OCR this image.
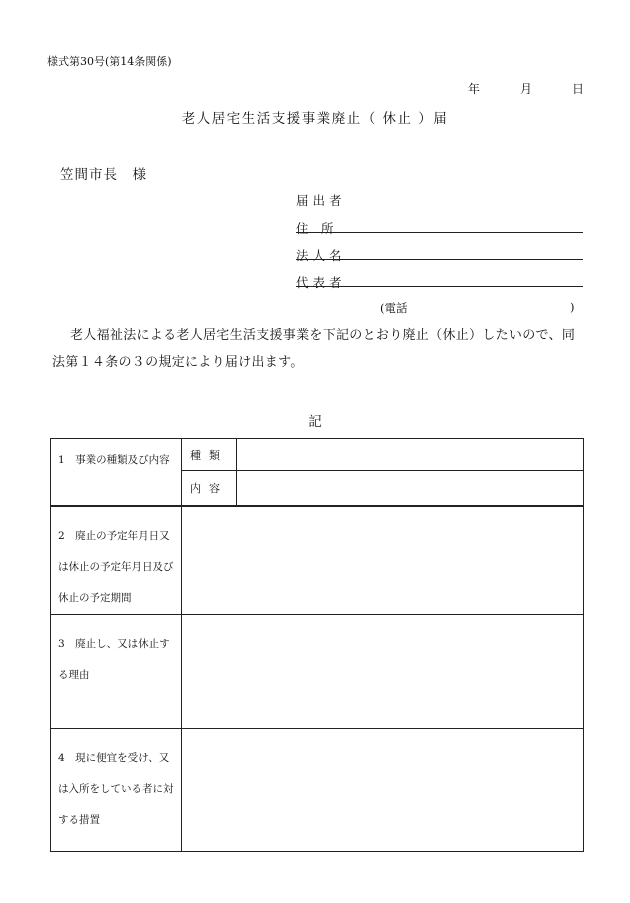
様式第30号(第14条関係)
年	月	日
老人居宅生活支援事業廃止（ 休止 ）届
笠間市長　様
届出者
住　所
法人名
代表者
(電話	)
老人福祉法による老人居宅生活支援事業を下記のとおり廃止（休止）したいので、同法第１４条の３の規定により届け出ます。
記
1　事業の種類及び内容	種類	
	内容	
2　廃止の予定年月日又は休止の予定年月日及び休止の予定期間		
3　廃止し、又は休止する理由		
4　現に便宜を受け、又は入所をしている者に対する措置		
